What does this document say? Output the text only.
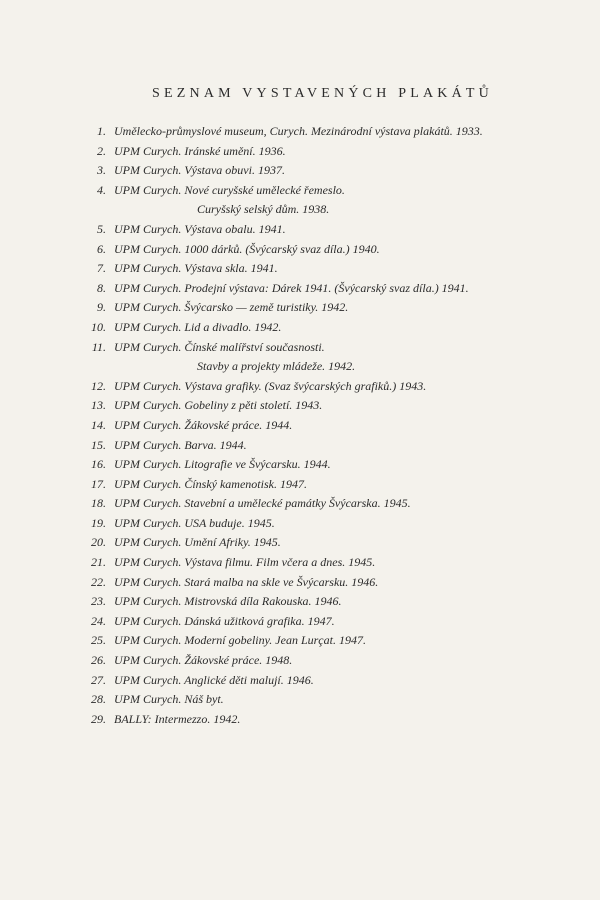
SEZNAM VYSTAVENÝCH PLAKÁTŮ
1. Umělecko-průmyslové museum, Curych. Mezinárodní výstava plakátů. 1933.
2. UPM Curych. Iránské umění. 1936.
3. UPM Curych. Výstava obuvi. 1937.
4. UPM Curych. Nové curyšské umělecké řemeslo.
Curyšský selský dům. 1938.
5. UPM Curych. Výstava obalu. 1941.
6. UPM Curych. 1000 dárků. (Švýcarský svaz díla.) 1940.
7. UPM Curych. Výstava skla. 1941.
8. UPM Curych. Prodejní výstava: Dárek 1941. (Švýcarský svaz díla.) 1941.
9. UPM Curych. Švýcarsko — země turistiky. 1942.
10. UPM Curych. Lid a divadlo. 1942.
11. UPM Curych. Čínské malířství současnosti.
Stavby a projekty mládeže. 1942.
12. UPM Curych. Výstava grafiky. (Svaz švýcarských grafiků.) 1943.
13. UPM Curych. Gobeliny z pěti století. 1943.
14. UPM Curych. Žákovské práce. 1944.
15. UPM Curych. Barva. 1944.
16. UPM Curych. Litografie ve Švýcarsku. 1944.
17. UPM Curych. Čínský kamenotisk. 1947.
18. UPM Curych. Stavební a umělecké památky Švýcarska. 1945.
19. UPM Curych. USA buduje. 1945.
20. UPM Curych. Umění Afriky. 1945.
21. UPM Curych. Výstava filmu. Film včera a dnes. 1945.
22. UPM Curych. Stará malba na skle ve Švýcarsku. 1946.
23. UPM Curych. Mistrovská díla Rakouska. 1946.
24. UPM Curych. Dánská užitková grafika. 1947.
25. UPM Curych. Moderní gobeliny. Jean Lurçat. 1947.
26. UPM Curych. Žákovské práce. 1948.
27. UPM Curych. Anglické děti malují. 1946.
28. UPM Curych. Náš byt.
29. BALLY: Intermezzo. 1942.
